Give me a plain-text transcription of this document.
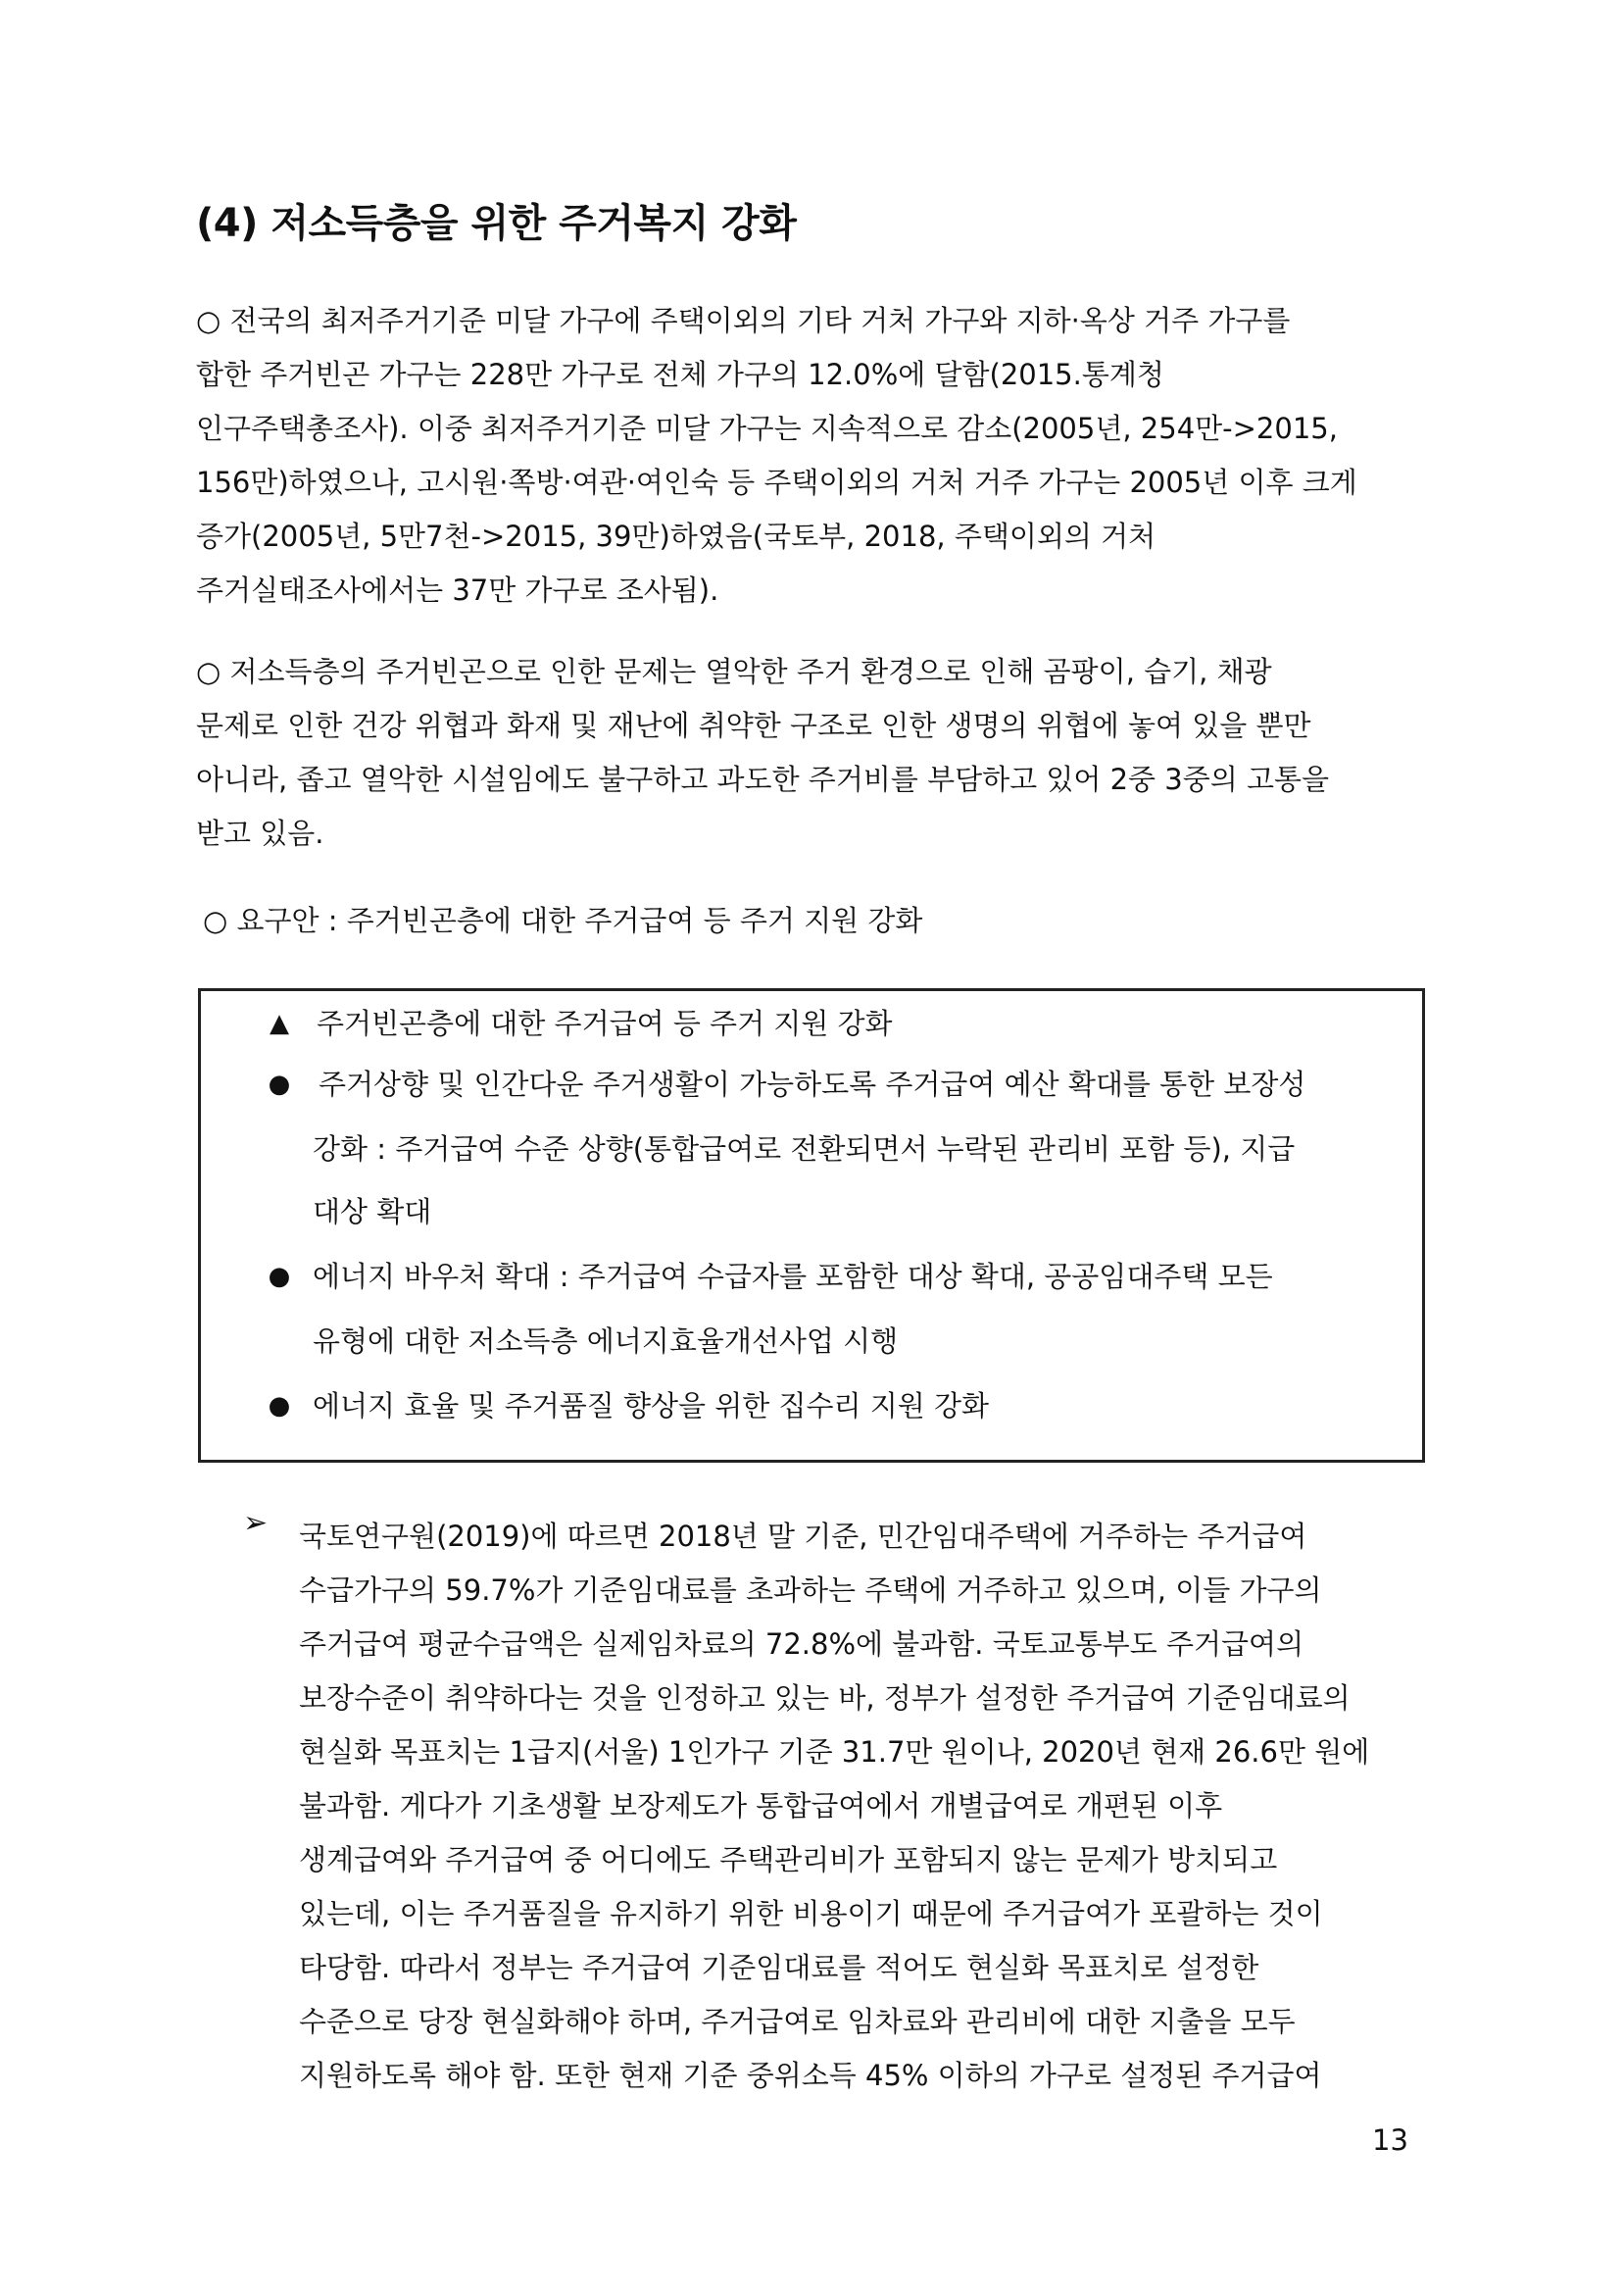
(4) 저소득층을 위한 주거복지 강화
○ 전국의 최저주거기준 미달 가구에 주택이외의 기타 거처 가구와 지하·옥상 거주 가구를
합한 주거빈곤 가구는 228만 가구로 전체 가구의 12.0%에 달함(2015.통계청
인구주택총조사). 이중 최저주거기준 미달 가구는 지속적으로 감소(2005년, 254만->2015,
156만)하였으나, 고시원·쪽방·여관·여인숙 등 주택이외의 거처 거주 가구는 2005년 이후 크게
증가(2005년, 5만7천->2015, 39만)하였음(국토부, 2018, 주택이외의 거처
주거실태조사에서는 37만 가구로 조사됨).
○ 저소득층의 주거빈곤으로 인한 문제는 열악한 주거 환경으로 인해 곰팡이, 습기, 채광
문제로 인한 건강 위협과 화재 및 재난에 취약한 구조로 인한 생명의 위협에 놓여 있을 뿐만
아니라, 좁고 열악한 시설임에도 불구하고 과도한 주거비를 부담하고 있어 2중 3중의 고통을
받고 있음.
○ 요구안 : 주거빈곤층에 대한 주거급여 등 주거 지원 강화
▲ 주거빈곤층에 대한 주거급여 등 주거 지원 강화
● 주거상향 및 인간다운 주거생활이 가능하도록 주거급여 예산 확대를 통한 보장성
강화 : 주거급여 수준 상향(통합급여로 전환되면서 누락된 관리비 포함 등), 지급
대상 확대
● 에너지 바우처 확대 : 주거급여 수급자를 포함한 대상 확대, 공공임대주택 모든
유형에 대한 저소득층 에너지효율개선사업 시행
● 에너지 효율 및 주거품질 향상을 위한 집수리 지원 강화
➢ 국토연구원(2019)에 따르면 2018년 말 기준, 민간임대주택에 거주하는 주거급여
수급가구의 59.7%가 기준임대료를 초과하는 주택에 거주하고 있으며, 이들 가구의
주거급여 평균수급액은 실제임차료의 72.8%에 불과함. 국토교통부도 주거급여의
보장수준이 취약하다는 것을 인정하고 있는 바, 정부가 설정한 주거급여 기준임대료의
현실화 목표치는 1급지(서울) 1인가구 기준 31.7만 원이나, 2020년 현재 26.6만 원에
불과함. 게다가 기초생활 보장제도가 통합급여에서 개별급여로 개편된 이후
생계급여와 주거급여 중 어디에도 주택관리비가 포함되지 않는 문제가 방치되고
있는데, 이는 주거품질을 유지하기 위한 비용이기 때문에 주거급여가 포괄하는 것이
타당함. 따라서 정부는 주거급여 기준임대료를 적어도 현실화 목표치로 설정한
수준으로 당장 현실화해야 하며, 주거급여로 임차료와 관리비에 대한 지출을 모두
지원하도록 해야 함. 또한 현재 기준 중위소득 45% 이하의 가구로 설정된 주거급여
13
